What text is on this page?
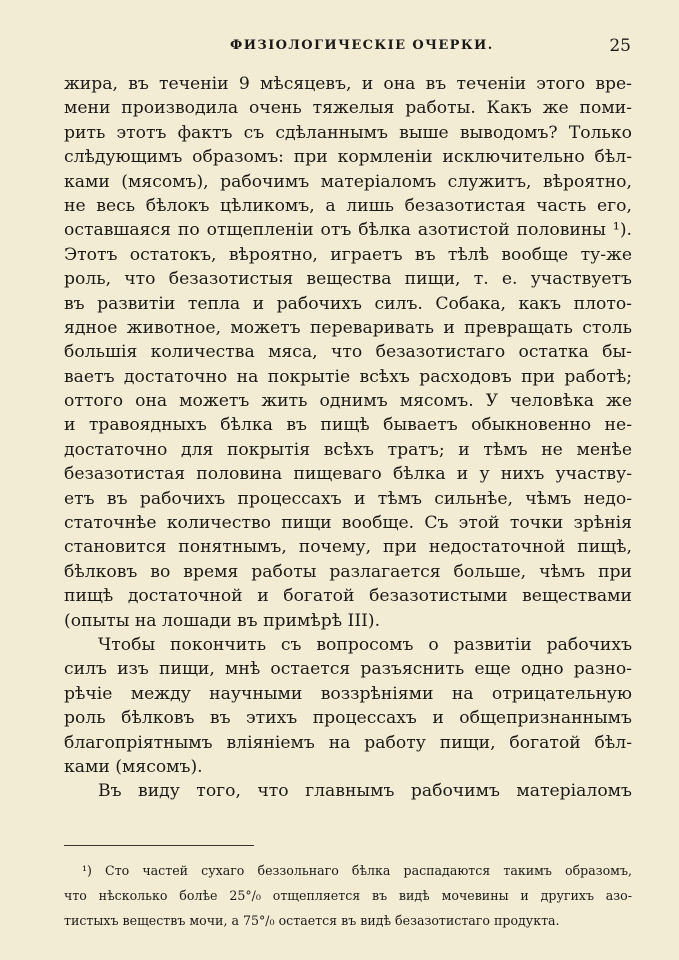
ФИЗІОЛОГИЧЕСКІЕ ОЧЕРКИ.	25
жира, въ теченіи 9 мѣсяцевъ, и она въ теченіи этого вре-
мени производила очень тяжелыя работы. Какъ же поми-
рить этотъ фактъ съ сдѣланнымъ выше выводомъ? Только
слѣдующимъ образомъ: при кормленіи исключительно бѣл-
ками (мясомъ), рабочимъ матеріаломъ служитъ, вѣроятно,
не весь бѣлокъ цѣликомъ, а лишь безазотистая часть его,
оставшаяся по отщепленіи отъ бѣлка азотистой половины ¹).
Этотъ остатокъ, вѣроятно, играетъ въ тѣлѣ вообще ту-же
роль, что безазотистыя вещества пищи, т. е. участвуетъ
въ развитіи тепла и рабочихъ силъ. Собака, какъ плото-
ядное животное, можетъ переваривать и превращать столь
большія количества мяса, что безазотистаго остатка бы-
ваетъ достаточно на покрытіе всѣхъ расходовъ при работѣ;
оттого она можетъ жить однимъ мясомъ. У человѣка же
и травоядныхъ бѣлка въ пищѣ бываетъ обыкновенно не-
достаточно для покрытія всѣхъ тратъ; и тѣмъ не менѣе
безазотистая половина пищеваго бѣлка и у нихъ участву-
етъ въ рабочихъ процессахъ и тѣмъ сильнѣе, чѣмъ недо-
статочнѣе количество пищи вообще. Съ этой точки зрѣнія
становится понятнымъ, почему, при недостаточной пищѣ,
бѣлковъ во время работы разлагается больше, чѣмъ при
пищѣ достаточной и богатой безазотистыми веществами
(опыты на лошади въ примѣрѣ III).
Чтобы покончить съ вопросомъ о развитіи рабочихъ
силъ изъ пищи, мнѣ остается разъяснить еще одно разно-
рѣчіе между научными воззрѣніями на отрицательную
роль бѣлковъ въ этихъ процессахъ и общепризнаннымъ
благопріятнымъ вліяніемъ на работу пищи, богатой бѣл-
ками (мясомъ).
Въ виду того, что главнымъ рабочимъ матеріаломъ
¹) Сто частей сухаго беззольнаго бѣлка распадаются такимъ образомъ,
что нѣсколько болѣе 25°/₀ отщепляется въ видѣ мочевины и другихъ азо-
тистыхъ веществъ мочи, а 75°/₀ остается въ видѣ безазотистаго продукта.
